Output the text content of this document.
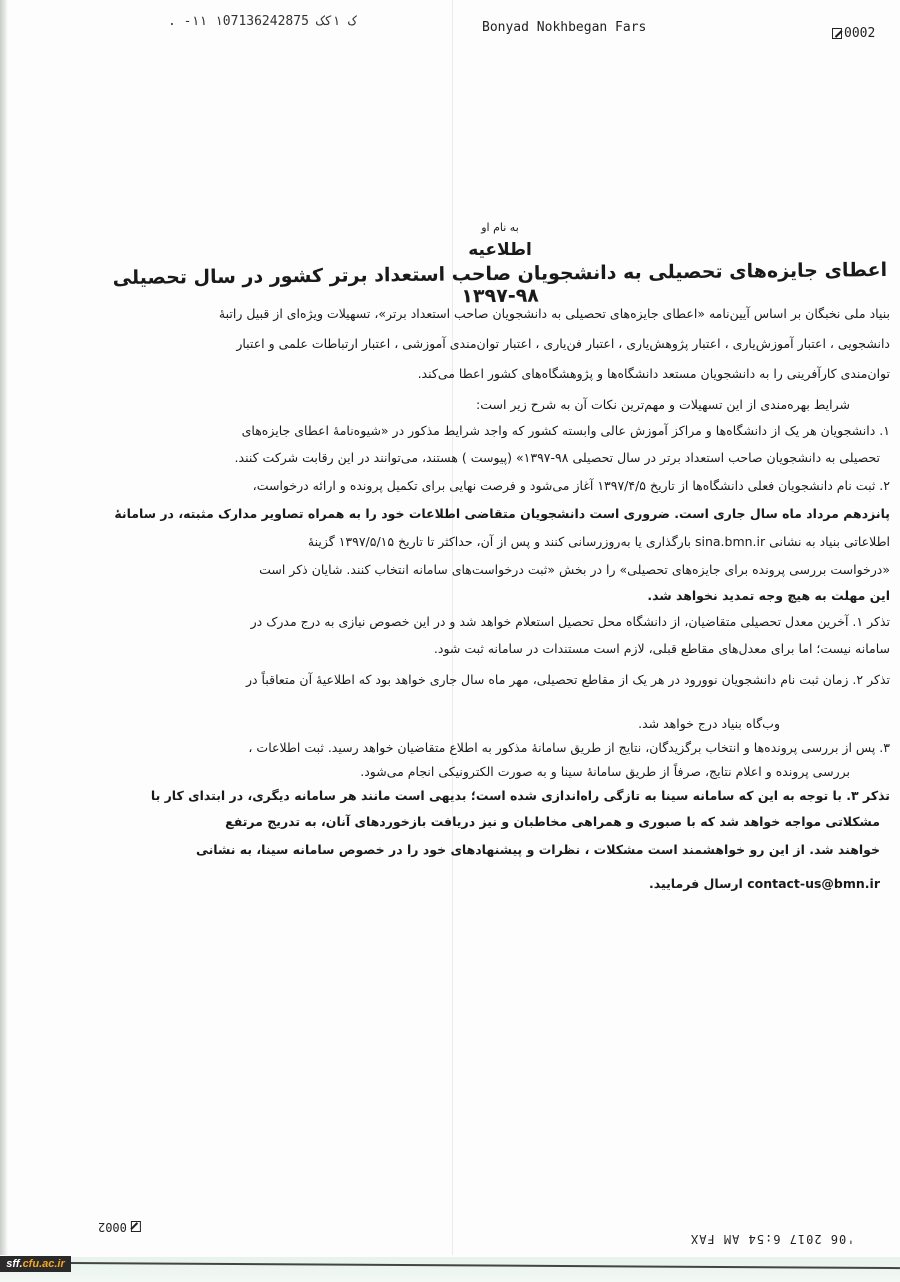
. -۱۱ ۱ک ۱کک 07136242875	Bonyad Nokhbegan Fars	0002

به نام او

اطلاعیه

اعطای جایزه‌های تحصیلی به دانشجویان صاحب استعداد برتر کشور در سال تحصیلی ۹۸-۱۳۹۷

بنیاد ملی نخبگان بر اساس آیین‌نامه «اعطای جایزه‌های تحصیلی به دانشجویان صاحب استعداد برتر»، تسهیلات ویژه‌ای از قبیل راتبهٔ
دانشجویی ، اعتبار آموزش‌یاری ، اعتبار پژوهش‌یاری ، اعتبار فن‌یاری ، اعتبار توان‌مندی آموزشی ، اعتبار ارتباطات علمی و اعتبار
توان‌مندی کارآفرینی را به دانشجویان مستعد دانشگاه‌ها و پژوهشگاه‌های کشور اعطا می‌کند.
شرایط بهره‌مندی از این تسهیلات و مهم‌ترین نکات آن به شرح زیر است:
۱. دانشجویان هر یک از دانشگاه‌ها و مراکز آموزش عالی وابسته کشور که واجد شرایط مذکور در «شیوه‌نامهٔ اعطای جایزه‌های
تحصیلی به دانشجویان صاحب استعداد برتر در سال تحصیلی ۹۸-۱۳۹۷» (پیوست ) هستند، می‌توانند در این رقابت شرکت کنند.
۲. ثبت نام دانشجویان فعلی دانشگاه‌ها از تاریخ ۱۳۹۷/۴/۵ آغاز می‌شود و فرصت نهایی برای تکمیل پرونده و ارائه درخواست،
پانزدهم مرداد ماه سال جاری است. ضروری است دانشجویان متقاضی اطلاعات خود را به همراه تصاویر مدارک مثبته، در سامانهٔ
اطلاعاتی بنیاد به نشانی sina.bmn.ir بارگذاری یا به‌روزرسانی کنند و پس از آن، حداکثر تا تاریخ ۱۳۹۷/۵/۱۵ گزینهٔ
«درخواست بررسی پرونده برای جایزه‌های تحصیلی» را در بخش «ثبت درخواست‌های سامانه انتخاب کنند. شایان ذکر است
این مهلت به هیچ وجه تمدید نخواهد شد.
تذکر ۱. آخرین معدل تحصیلی متقاضیان، از دانشگاه محل تحصیل استعلام خواهد شد و در این خصوص نیازی به درج مدرک در
سامانه نیست؛ اما برای معدل‌های مقاطع قبلی، لازم است مستندات در سامانه ثبت شود.
تذکر ۲. زمان ثبت نام دانشجویان نوورود در هر یک از مقاطع تحصیلی، مهر ماه سال جاری خواهد بود که اطلاعیهٔ آن متعاقباً در
وب‌گاه بنیاد درج خواهد شد.
۳. پس از بررسی پرونده‌ها و انتخاب برگزیدگان، نتایج از طریق سامانهٔ مذکور به اطلاع متقاضیان خواهد رسید. ثبت اطلاعات ،
بررسی پرونده و اعلام نتایج، صرفاً از طریق سامانهٔ سینا و به صورت الکترونیکی انجام می‌شود.
تذکر ۳. با توجه به این که سامانه سینا به تازگی راه‌اندازی شده است؛ بدیهی است مانند هر سامانه دیگری، در ابتدای کار با
مشکلاتی مواجه خواهد شد که با صبوری و همراهی مخاطبان و نیز دریافت بازخوردهای آنان، به تدریج مرتفع
خواهند شد. از این رو خواهشمند است مشکلات ، نظرات و پیشنهادهای خود را در خصوص سامانه سینا، به نشانی
contact-us@bmn.ir ارسال فرمایید.
0002
'06 2017 6:54 AM FAX
sff.cfu.ac.ir
